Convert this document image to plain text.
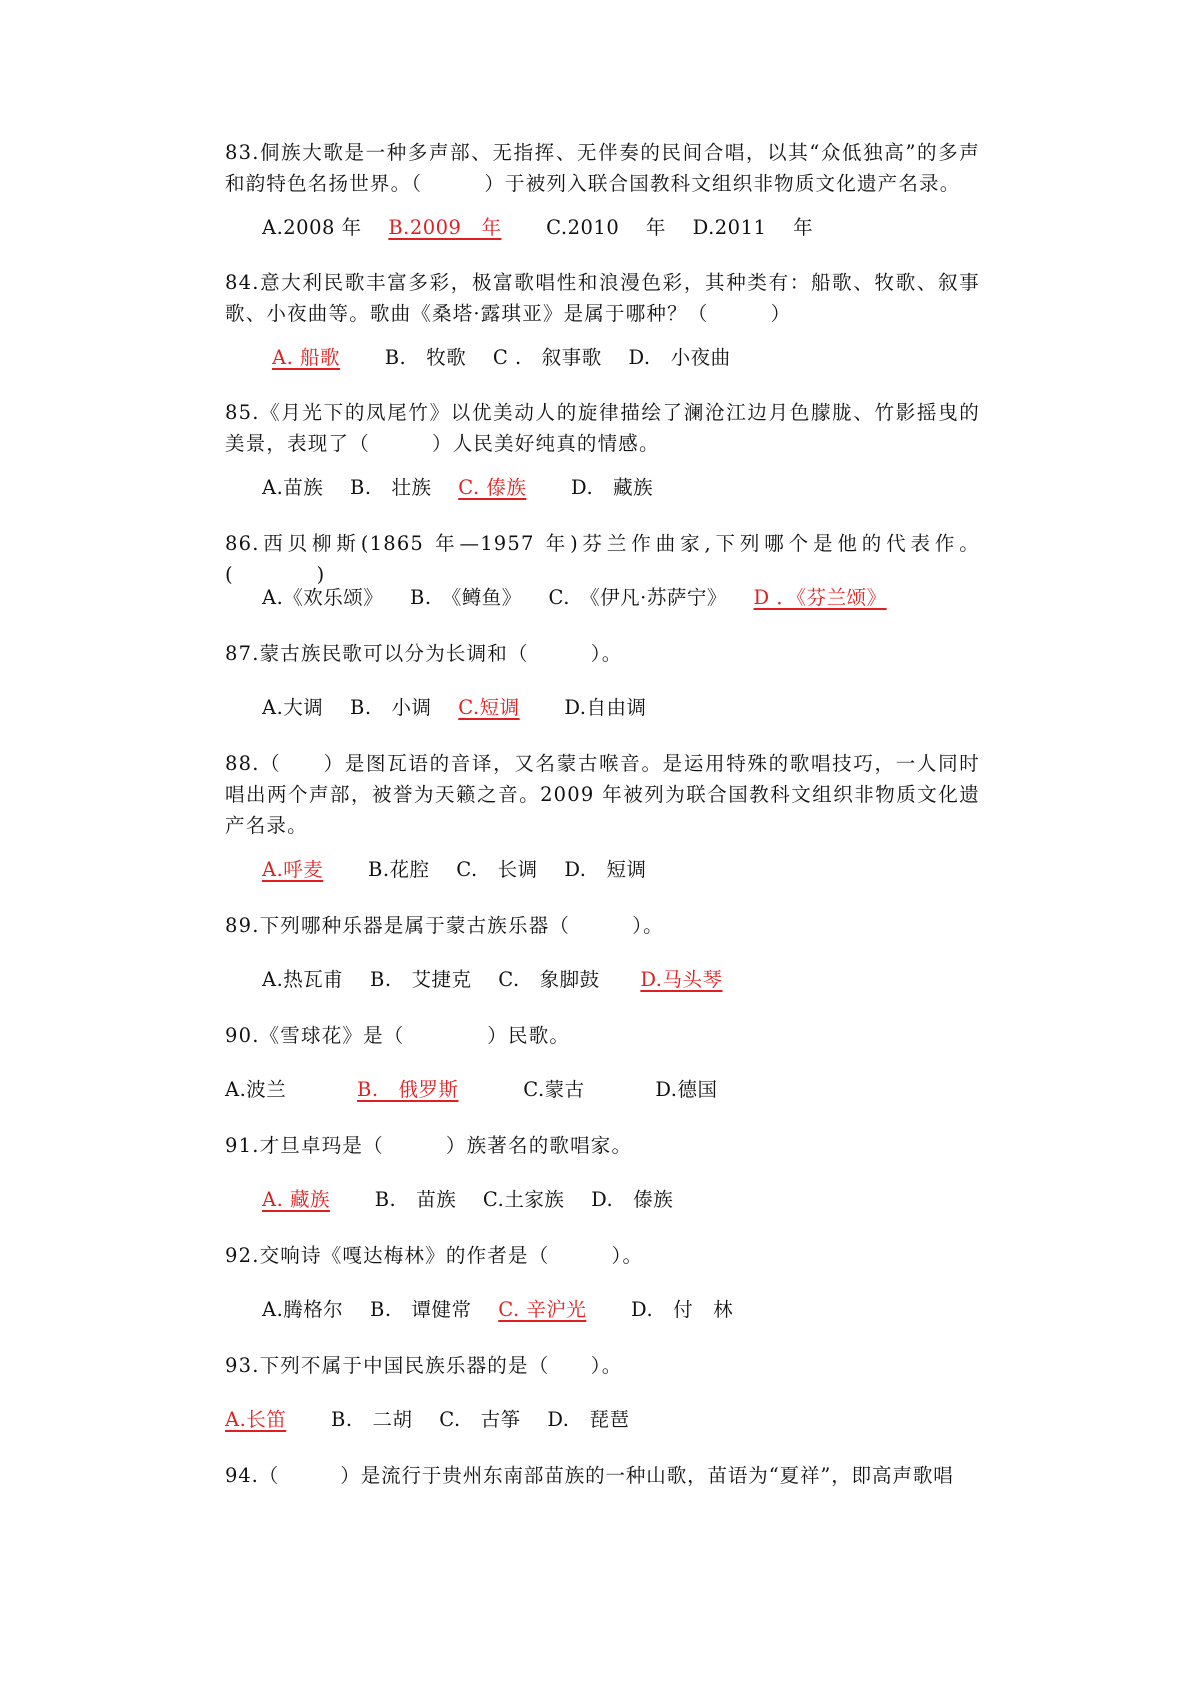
83.侗族大歌是一种多声部、无指挥、无伴奏的民间合唱，以其“众低独高”的多声和韵特色名扬世界。（　　　）于被列入联合国教科文组织非物质文化遗产名录。
A.2008 年 B.2009　年 C.2010　 年 D.2011　 年
84.意大利民歌丰富多彩，极富歌唱性和浪漫色彩，其种类有：船歌、牧歌、叙事歌、小夜曲等。歌曲《桑塔·露琪亚》是属于哪种？（　　　）
A. 船歌 B.　牧歌 C .　叙事歌 D.　小夜曲
85.《月光下的凤尾竹》以优美动人的旋律描绘了澜沧江边月色朦胧、竹影摇曳的美景，表现了（　　　）人民美好纯真的情感。
A.苗族 B.　壮族 C. 傣族 D.　藏族
86.西贝柳斯(1865 年—1957 年)芬兰作曲家,下列哪个是他的代表作。(　　　　)
A.《欢乐颂》 B.　《鳟鱼》 C.　《伊凡·苏萨宁》 D ．《芬兰颂》
87.蒙古族民歌可以分为长调和（　　　）。
A.大调 B.　小调 C.短调 D.自由调
88.（　　）是图瓦语的音译，又名蒙古喉音。是运用特殊的歌唱技巧，一人同时唱出两个声部，被誉为天籁之音。2009 年被列为联合国教科文组织非物质文化遗产名录。
A.呼麦 B.花腔 C.　长调 D.　短调
89.下列哪种乐器是属于蒙古族乐器（　　　）。
A.热瓦甫 B.　艾捷克 C.　象脚鼓 D.马头琴
90.《雪球花》是（　　　　）民歌。
A.波兰	B.　俄罗斯	C.蒙古	D.德国
91.才旦卓玛是（　　　）族著名的歌唱家。
A. 藏族 B.　苗族 C.土家族 D.　傣族
92.交响诗《嘎达梅林》的作者是（　　　）。
A.腾格尔 B.　谭健常 C. 辛沪光 D.　付　林
93.下列不属于中国民族乐器的是（　　）。
A.长笛 B.　二胡 C.　古筝 D.　琵琶
94.（　　　）是流行于贵州东南部苗族的一种山歌，苗语为“夏祥”，即高声歌唱
